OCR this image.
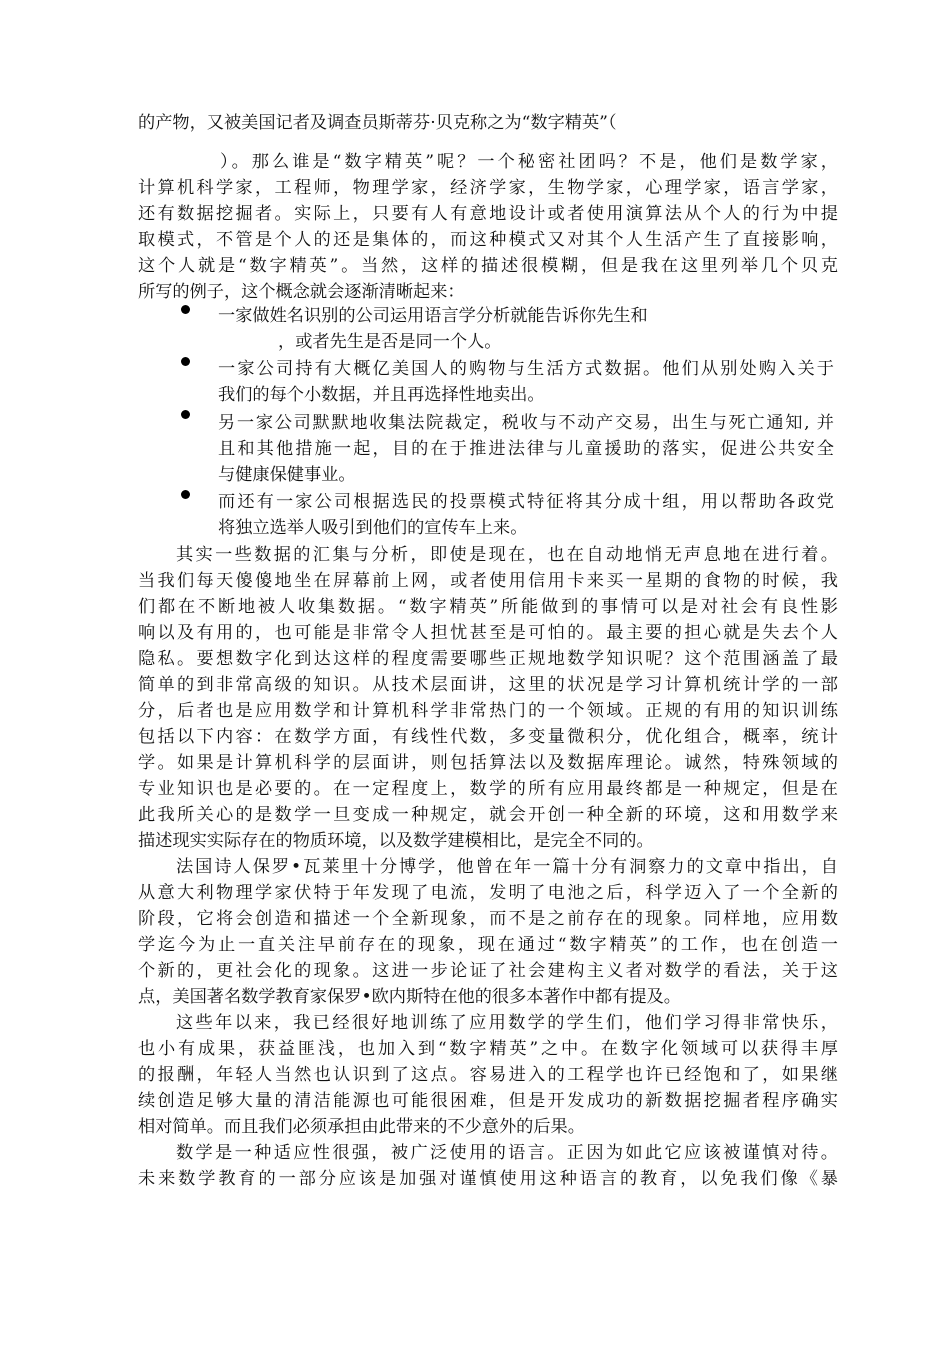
的产物，又被美国记者及调查员斯蒂芬·贝克称之为“数字精英”（
）。那么谁是“数字精英”呢？一个秘密社团吗？不是，他们是数学家，
计算机科学家，工程师，物理学家，经济学家，生物学家，心理学家，语言学家，
还有数据挖掘者。实际上，只要有人有意地设计或者使用演算法从个人的行为中提
取模式，不管是个人的还是集体的，而这种模式又对其个人生活产生了直接影响，
这个人就是“数字精英”。当然，这样的描述很模糊，但是我在这里列举几个贝克
所写的例子，这个概念就会逐渐清晰起来：
一家做姓名识别的公司运用语言学分析就能告诉你先生和
，或者先生是否是同一个人。
一家公司持有大概亿美国人的购物与生活方式数据。他们从别处购入关于
我们的每个小数据，并且再选择性地卖出。
另一家公司默默地收集法院裁定，税收与不动产交易，出生与死亡通知, 并
且和其他措施一起，目的在于推进法律与儿童援助的落实，促进公共安全
与健康保健事业。
而还有一家公司根据选民的投票模式特征将其分成十组，用以帮助各政党
将独立选举人吸引到他们的宣传车上来。
其实一些数据的汇集与分析，即使是现在，也在自动地悄无声息地在进行着。
当我们每天傻傻地坐在屏幕前上网，或者使用信用卡来买一星期的食物的时候，我
们都在不断地被人收集数据。“数字精英”所能做到的事情可以是对社会有良性影
响以及有用的，也可能是非常令人担忧甚至是可怕的。最主要的担心就是失去个人
隐私。要想数字化到达这样的程度需要哪些正规地数学知识呢？这个范围涵盖了最
简单的到非常高级的知识。从技术层面讲，这里的状况是学习计算机统计学的一部
分，后者也是应用数学和计算机科学非常热门的一个领域。正规的有用的知识训练
包括以下内容：在数学方面，有线性代数，多变量微积分，优化组合，概率，统计
学。如果是计算机科学的层面讲，则包括算法以及数据库理论。诚然，特殊领域的
专业知识也是必要的。在一定程度上，数学的所有应用最终都是一种规定，但是在
此我所关心的是数学一旦变成一种规定，就会开创一种全新的环境，这和用数学来
描述现实实际存在的物质环境，以及数学建模相比，是完全不同的。
法国诗人保罗•瓦莱里十分博学，他曾在年一篇十分有洞察力的文章中指出，自
从意大利物理学家伏特于年发现了电流，发明了电池之后，科学迈入了一个全新的
阶段，它将会创造和描述一个全新现象，而不是之前存在的现象。同样地，应用数
学迄今为止一直关注早前存在的现象，现在通过“数字精英”的工作，也在创造一
个新的，更社会化的现象。这进一步论证了社会建构主义者对数学的看法，关于这
点，美国著名数学教育家保罗•欧内斯特在他的很多本著作中都有提及。
这些年以来，我已经很好地训练了应用数学的学生们，他们学习得非常快乐，
也小有成果，获益匪浅，也加入到“数字精英”之中。在数字化领域可以获得丰厚
的报酬，年轻人当然也认识到了这点。容易进入的工程学也许已经饱和了，如果继
续创造足够大量的清洁能源也可能很困难，但是开发成功的新数据挖掘者程序确实
相对简单。而且我们必须承担由此带来的不少意外的后果。
数学是一种适应性很强，被广泛使用的语言。正因为如此它应该被谨慎对待。
未来数学教育的一部分应该是加强对谨慎使用这种语言的教育，以免我们像《暴
